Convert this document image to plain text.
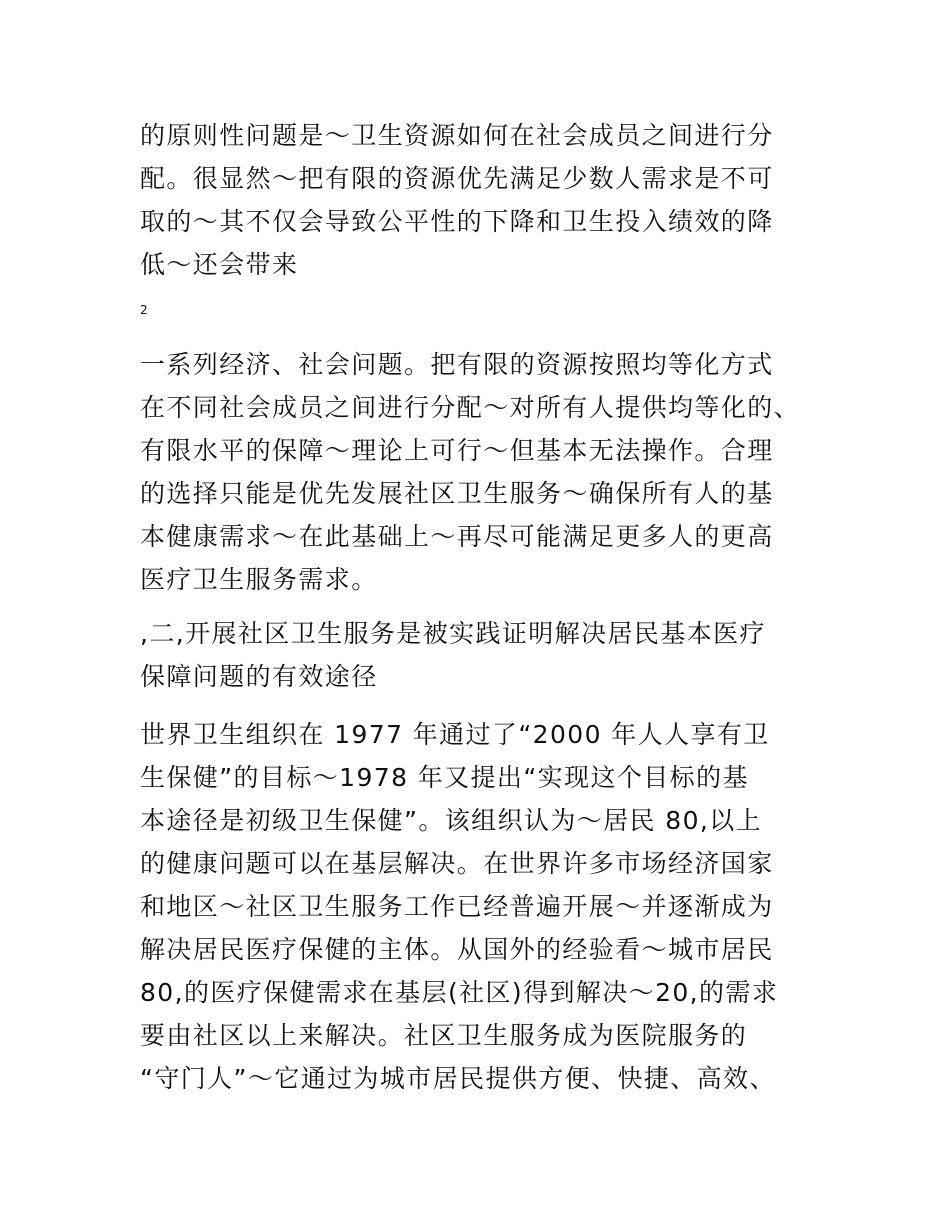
的原则性问题是～卫生资源如何在社会成员之间进行分
配。很显然～把有限的资源优先满足少数人需求是不可
取的～其不仅会导致公平性的下降和卫生投入绩效的降
低～还会带来
2
一系列经济、社会问题。把有限的资源按照均等化方式
在不同社会成员之间进行分配～对所有人提供均等化的、
有限水平的保障～理论上可行～但基本无法操作。合理
的选择只能是优先发展社区卫生服务～确保所有人的基
本健康需求～在此基础上～再尽可能满足更多人的更高
医疗卫生服务需求。
,二,开展社区卫生服务是被实践证明解决居民基本医疗
保障问题的有效途径
世界卫生组织在 1977 年通过了“2000 年人人享有卫
生保健”的目标～1978 年又提出“实现这个目标的基
本途径是初级卫生保健”。该组织认为～居民 80,以上
的健康问题可以在基层解决。在世界许多市场经济国家
和地区～社区卫生服务工作已经普遍开展～并逐渐成为
解决居民医疗保健的主体。从国外的经验看～城市居民
80,的医疗保健需求在基层(社区)得到解决～20,的需求
要由社区以上来解决。社区卫生服务成为医院服务的
“守门人”～它通过为城市居民提供方便、快捷、高效、
